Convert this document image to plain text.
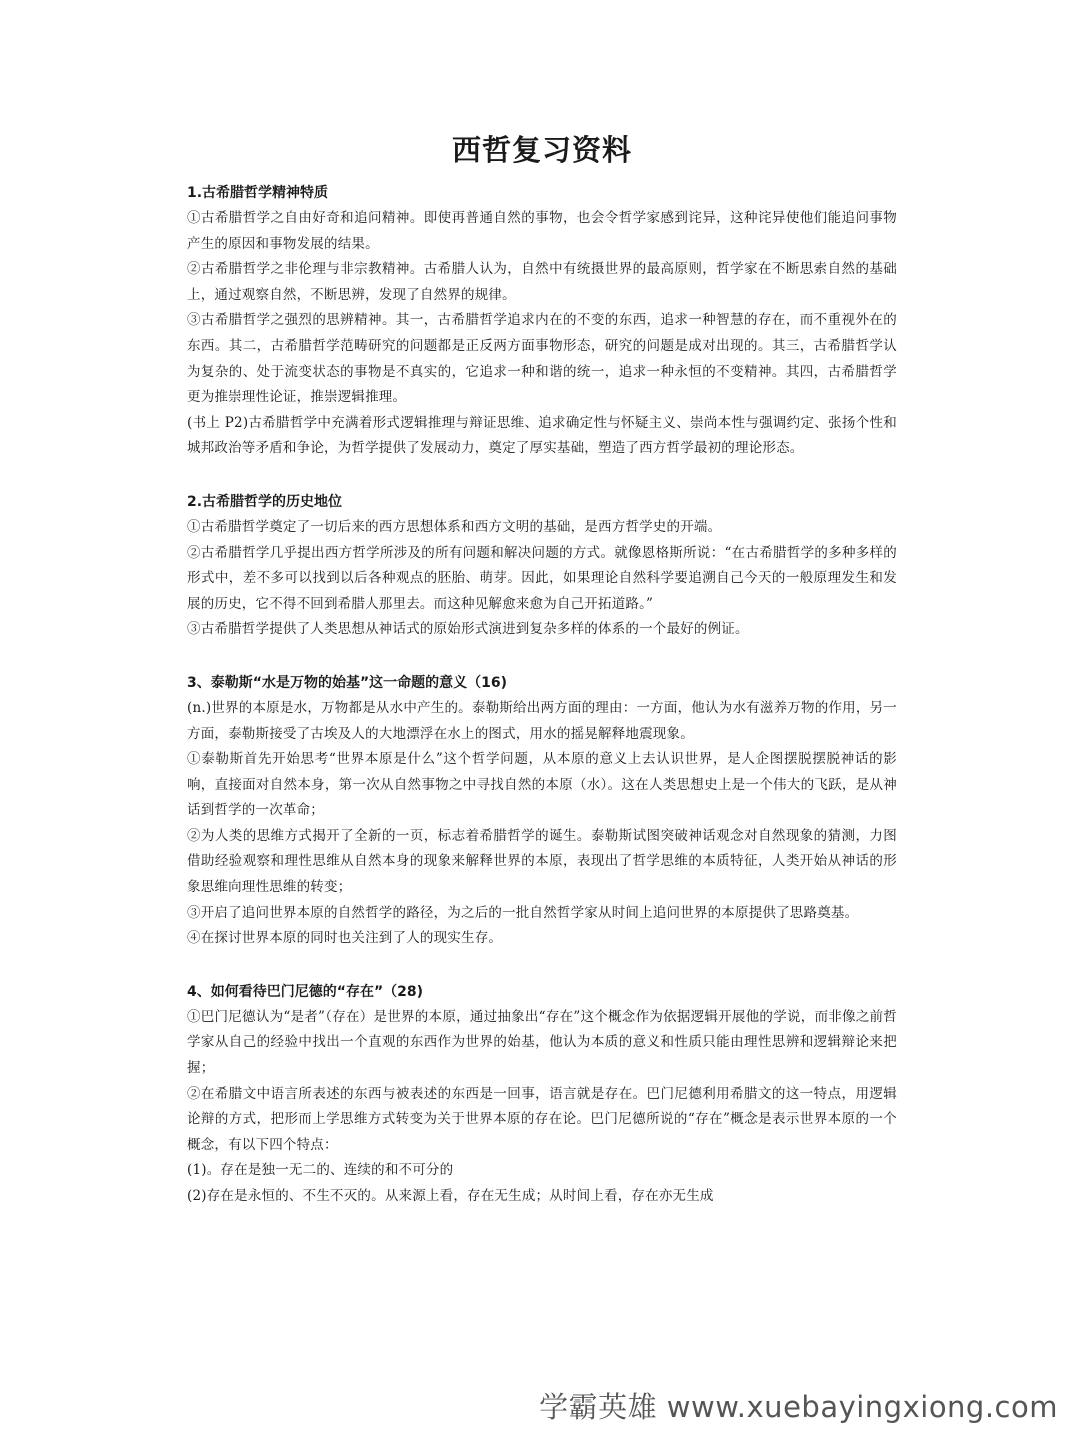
西哲复习资料
1.古希腊哲学精神特质

①古希腊哲学之自由好奇和追问精神。即使再普通自然的事物，也会令哲学家感到诧异，这种诧异使他们能追问事物产生的原因和事物发展的结果。

②古希腊哲学之非伦理与非宗教精神。古希腊人认为，自然中有统摄世界的最高原则，哲学家在不断思索自然的基础上，通过观察自然，不断思辨，发现了自然界的规律。

③古希腊哲学之强烈的思辨精神。其一，古希腊哲学追求内在的不变的东西，追求一种智慧的存在，而不重视外在的东西。其二，古希腊哲学范畴研究的问题都是正反两方面事物形态，研究的问题是成对出现的。其三，古希腊哲学认为复杂的、处于流变状态的事物是不真实的，它追求一种和谐的统一，追求一种永恒的不变精神。其四，古希腊哲学更为推崇理性论证，推崇逻辑推理。

(书上 P2)古希腊哲学中充满着形式逻辑推理与辩证思维、追求确定性与怀疑主义、崇尚本性与强调约定、张扬个性和城邦政治等矛盾和争论，为哲学提供了发展动力，奠定了厚实基础，塑造了西方哲学最初的理论形态。

2.古希腊哲学的历史地位

①古希腊哲学奠定了一切后来的西方思想体系和西方文明的基础，是西方哲学史的开端。

②古希腊哲学几乎提出西方哲学所涉及的所有问题和解决问题的方式。就像恩格斯所说：“在古希腊哲学的多种多样的形式中，差不多可以找到以后各种观点的胚胎、萌芽。因此，如果理论自然科学要追溯自己今天的一般原理发生和发展的历史，它不得不回到希腊人那里去。而这种见解愈来愈为自己开拓道路。”

③古希腊哲学提供了人类思想从神话式的原始形式演进到复杂多样的体系的一个最好的例证。

3、泰勒斯“水是万物的始基”这一命题的意义（16)

(n.)世界的本原是水，万物都是从水中产生的。泰勒斯给出两方面的理由：一方面，他认为水有滋养万物的作用，另一方面，泰勒斯接受了古埃及人的大地漂浮在水上的图式，用水的摇晃解释地震现象。

①泰勒斯首先开始思考“世界本原是什么”这个哲学问题，从本原的意义上去认识世界，是人企图摆脱摆脱神话的影响，直接面对自然本身，第一次从自然事物之中寻找自然的本原（水）。这在人类思想史上是一个伟大的飞跃，是从神话到哲学的一次革命；

②为人类的思维方式揭开了全新的一页，标志着希腊哲学的诞生。泰勒斯试图突破神话观念对自然现象的猜测，力图借助经验观察和理性思维从自然本身的现象来解释世界的本原，表现出了哲学思维的本质特征，人类开始从神话的形象思维向理性思维的转变；

③开启了追问世界本原的自然哲学的路径，为之后的一批自然哲学家从时间上追问世界的本原提供了思路奠基。

④在探讨世界本原的同时也关注到了人的现实生存。

4、如何看待巴门尼德的“存在”（28)

①巴门尼德认为“是者”（存在）是世界的本原，通过抽象出“存在”这个概念作为依据逻辑开展他的学说，而非像之前哲学家从自己的经验中找出一个直观的东西作为世界的始基，他认为本质的意义和性质只能由理性思辨和逻辑辩论来把握；

②在希腊文中语言所表述的东西与被表述的东西是一回事，语言就是存在。巴门尼德利用希腊文的这一特点，用逻辑论辩的方式，把形而上学思维方式转变为关于世界本原的存在论。巴门尼德所说的“存在”概念是表示世界本原的一个概念，有以下四个特点：

(1)。存在是独一无二的、连续的和不可分的

(2)存在是永恒的、不生不灭的。从来源上看，存在无生成；从时间上看，存在亦无生成

学霸英雄 www.xuebayingxiong.com
